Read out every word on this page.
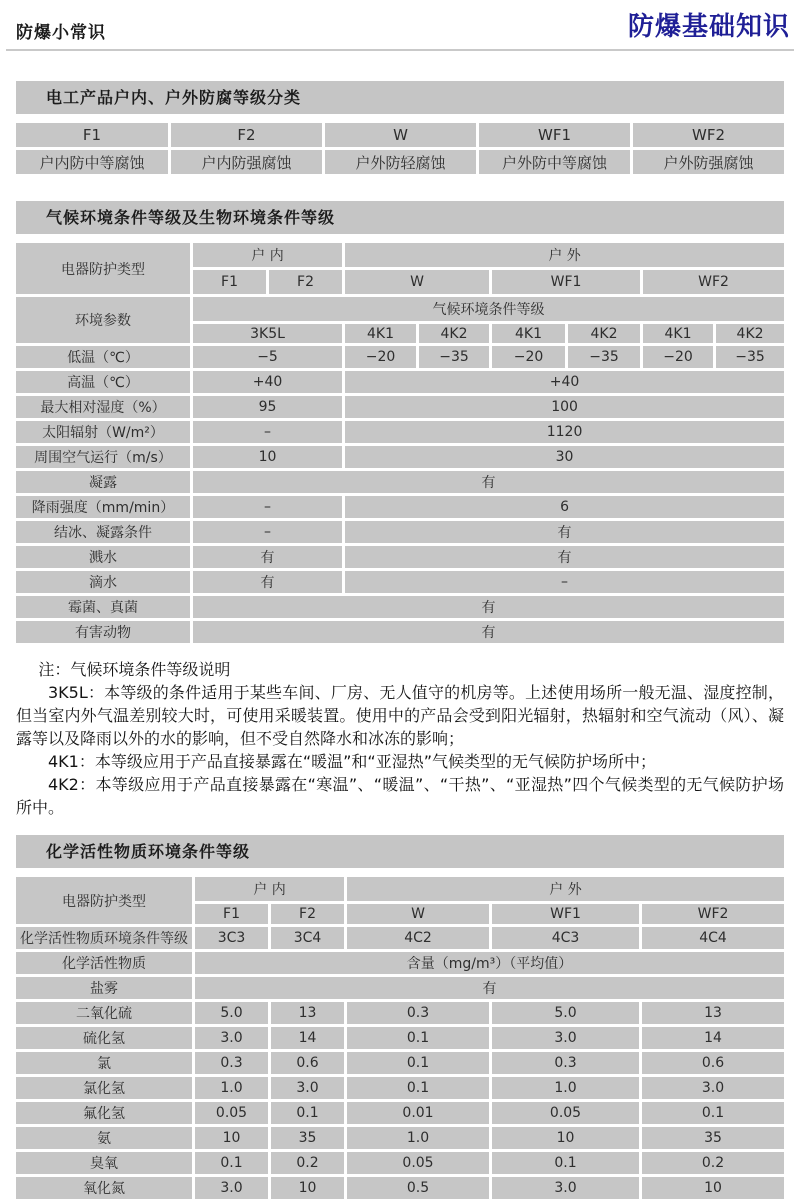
防爆小常识	防爆基础知识
电工产品户内、户外防腐等级分类
F1	F2	W	WF1	WF2
户内防中等腐蚀	户内防强腐蚀	户外防轻腐蚀	户外防中等腐蚀	户外防强腐蚀
气候环境条件等级及生物环境条件等级
电器防护类型	户 内		户 外					
	F1	F2	W		WF1		WF2	
环境参数	气候环境条件等级							
	3K5L		4K1	4K2	4K1	4K2	4K1	4K2
低温（℃）	−5		−20	−35	−20	−35	−20	−35
高温（℃）	+40		+40					
最大相对湿度（%）	95		100					
太阳辐射（W/m²）	–		1120					
周围空气运行（m/s）	10		30					
凝露	有							
降雨强度（mm/min）	–		6					
结冰、凝露条件	–		有					
溅水	有		有					
滴水	有		–					
霉菌、真菌	有							
有害动物	有							

注：气候环境条件等级说明

3K5L：本等级的条件适用于某些车间、厂房、无人值守的机房等。上述使用场所一般无温、湿度控制，但当室内外气温差别较大时，可使用采暖装置。使用中的产品会受到阳光辐射，热辐射和空气流动（风）、凝露等以及降雨以外的水的影响，但不受自然降水和冰冻的影响；

4K1：本等级应用于产品直接暴露在“暖温”和“亚湿热”气候类型的无气候防护场所中；

4K2：本等级应用于产品直接暴露在“寒温”、“暖温”、“干热”、“亚湿热”四个气候类型的无气候防护场所中。

化学活性物质环境条件等级
电器防护类型	户 内		户 外		
	F1	F2	W	WF1	WF2
化学活性物质环境条件等级	3C3	3C4	4C2	4C3	4C4
化学活性物质	含量（mg/m³）（平均值）				
盐雾	有				
二氧化硫	5.0	13	0.3	5.0	13
硫化氢	3.0	14	0.1	3.0	14
氯	0.3	0.6	0.1	0.3	0.6
氯化氢	1.0	3.0	0.1	1.0	3.0
氟化氢	0.05	0.1	0.01	0.05	0.1
氨	10	35	1.0	10	35
臭氧	0.1	0.2	0.05	0.1	0.2
氧化氮	3.0	10	0.5	3.0	10
